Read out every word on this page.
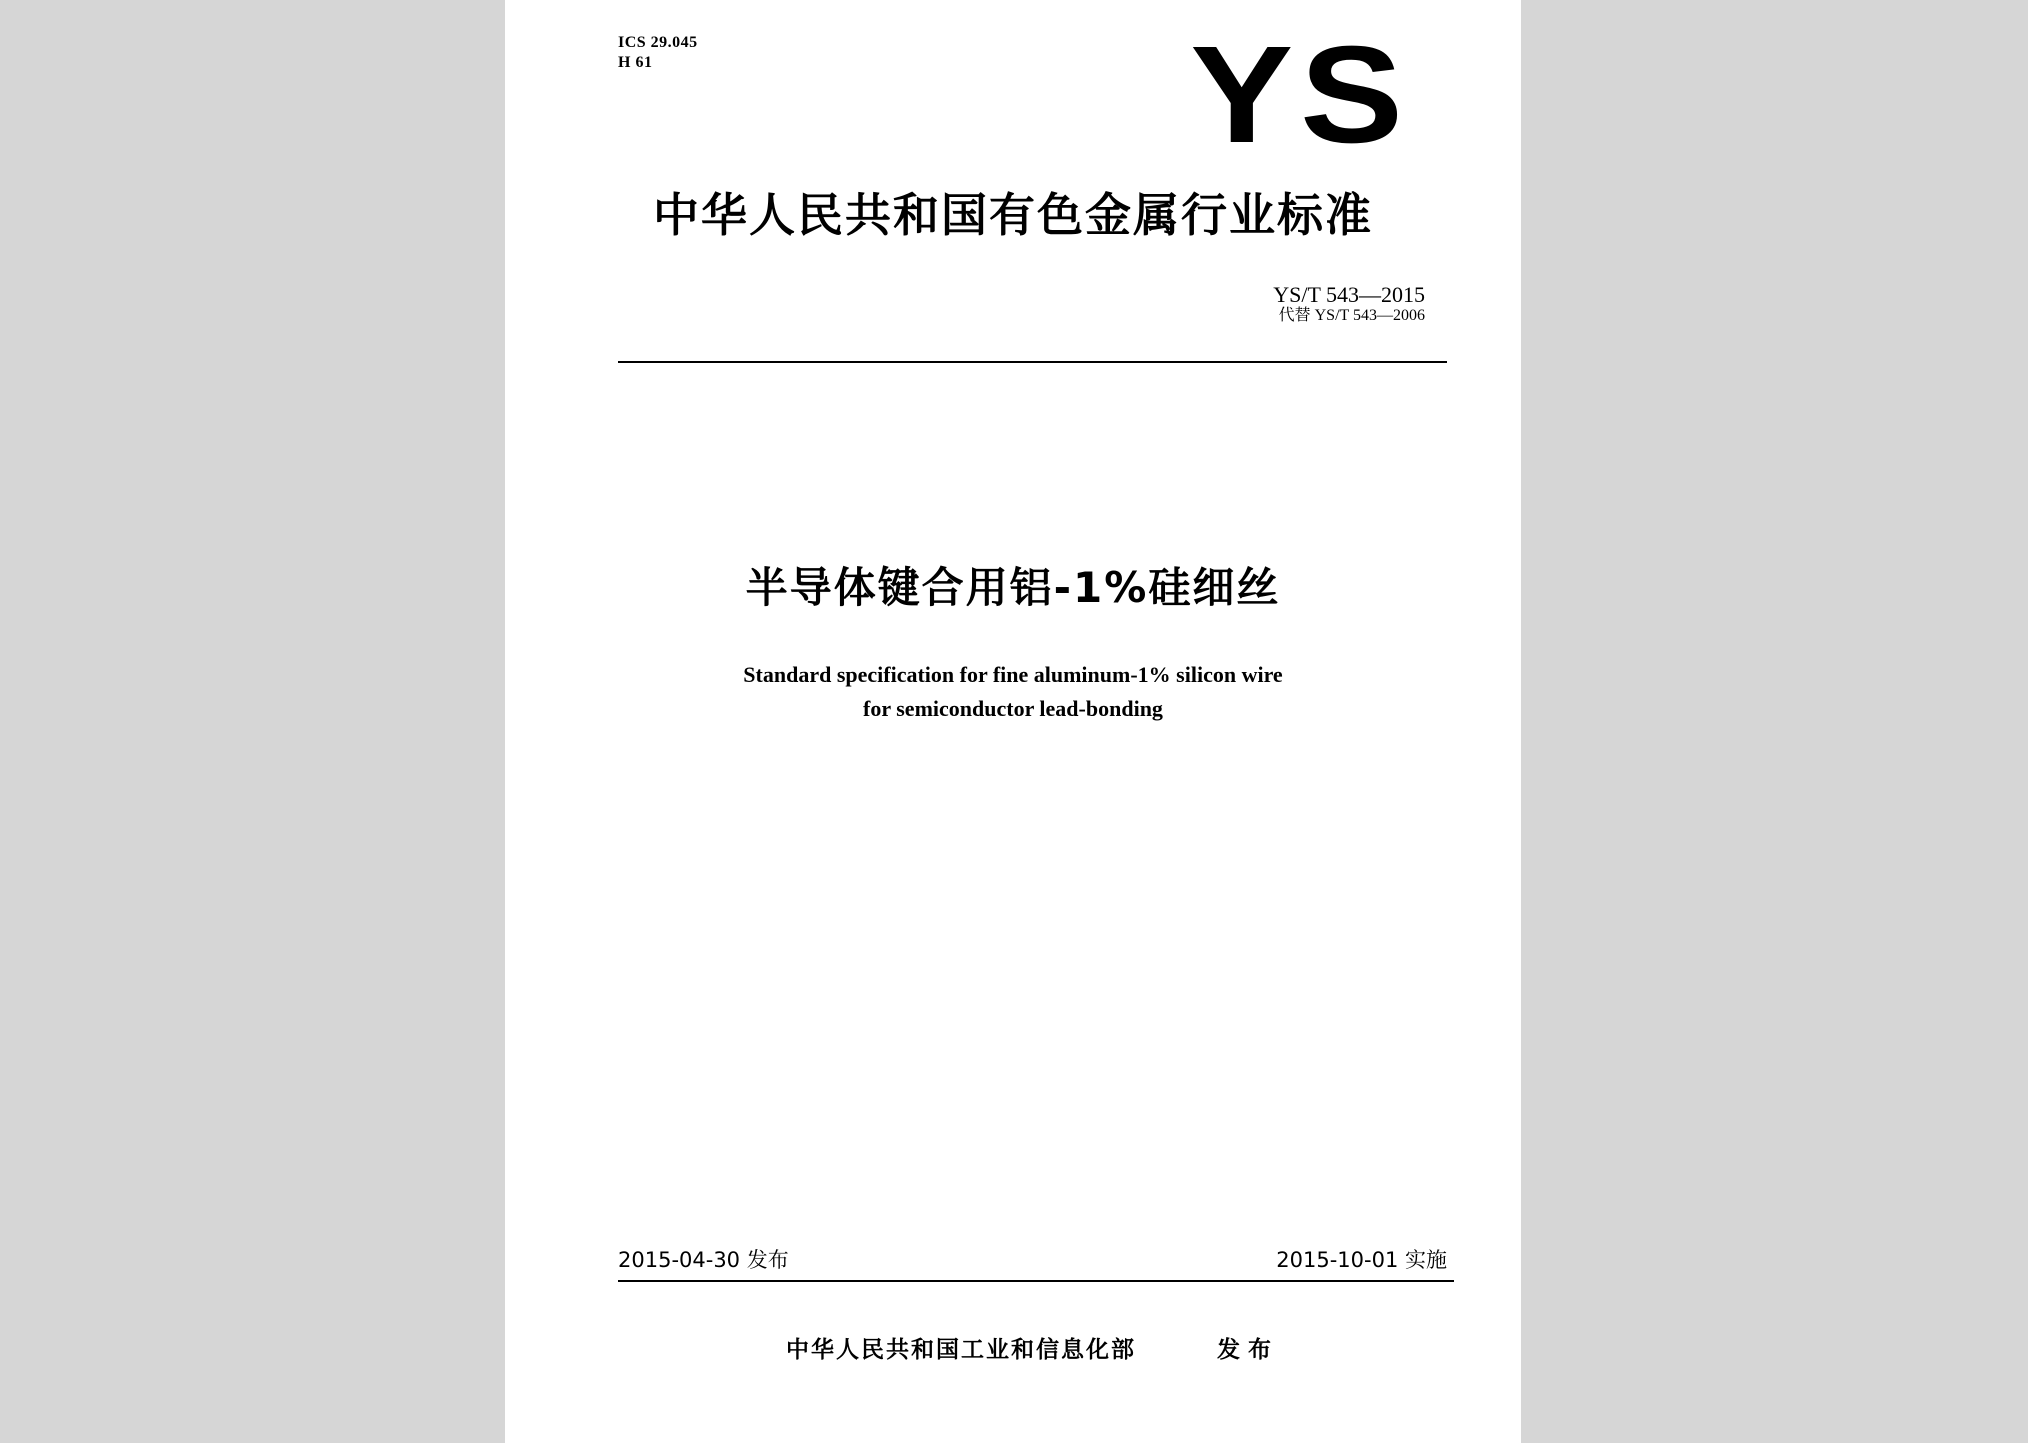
ICS 29.045
H 61	YS
中华人民共和国有色金属行业标准
YS/T 543—2015
代替 YS/T 543—2006
半导体键合用铝-1%硅细丝
Standard specification for fine aluminum-1% silicon wire
for semiconductor lead-bonding
2015-04-30 发布	2015-10-01 实施
中华人民共和国工业和信息化部	发布
